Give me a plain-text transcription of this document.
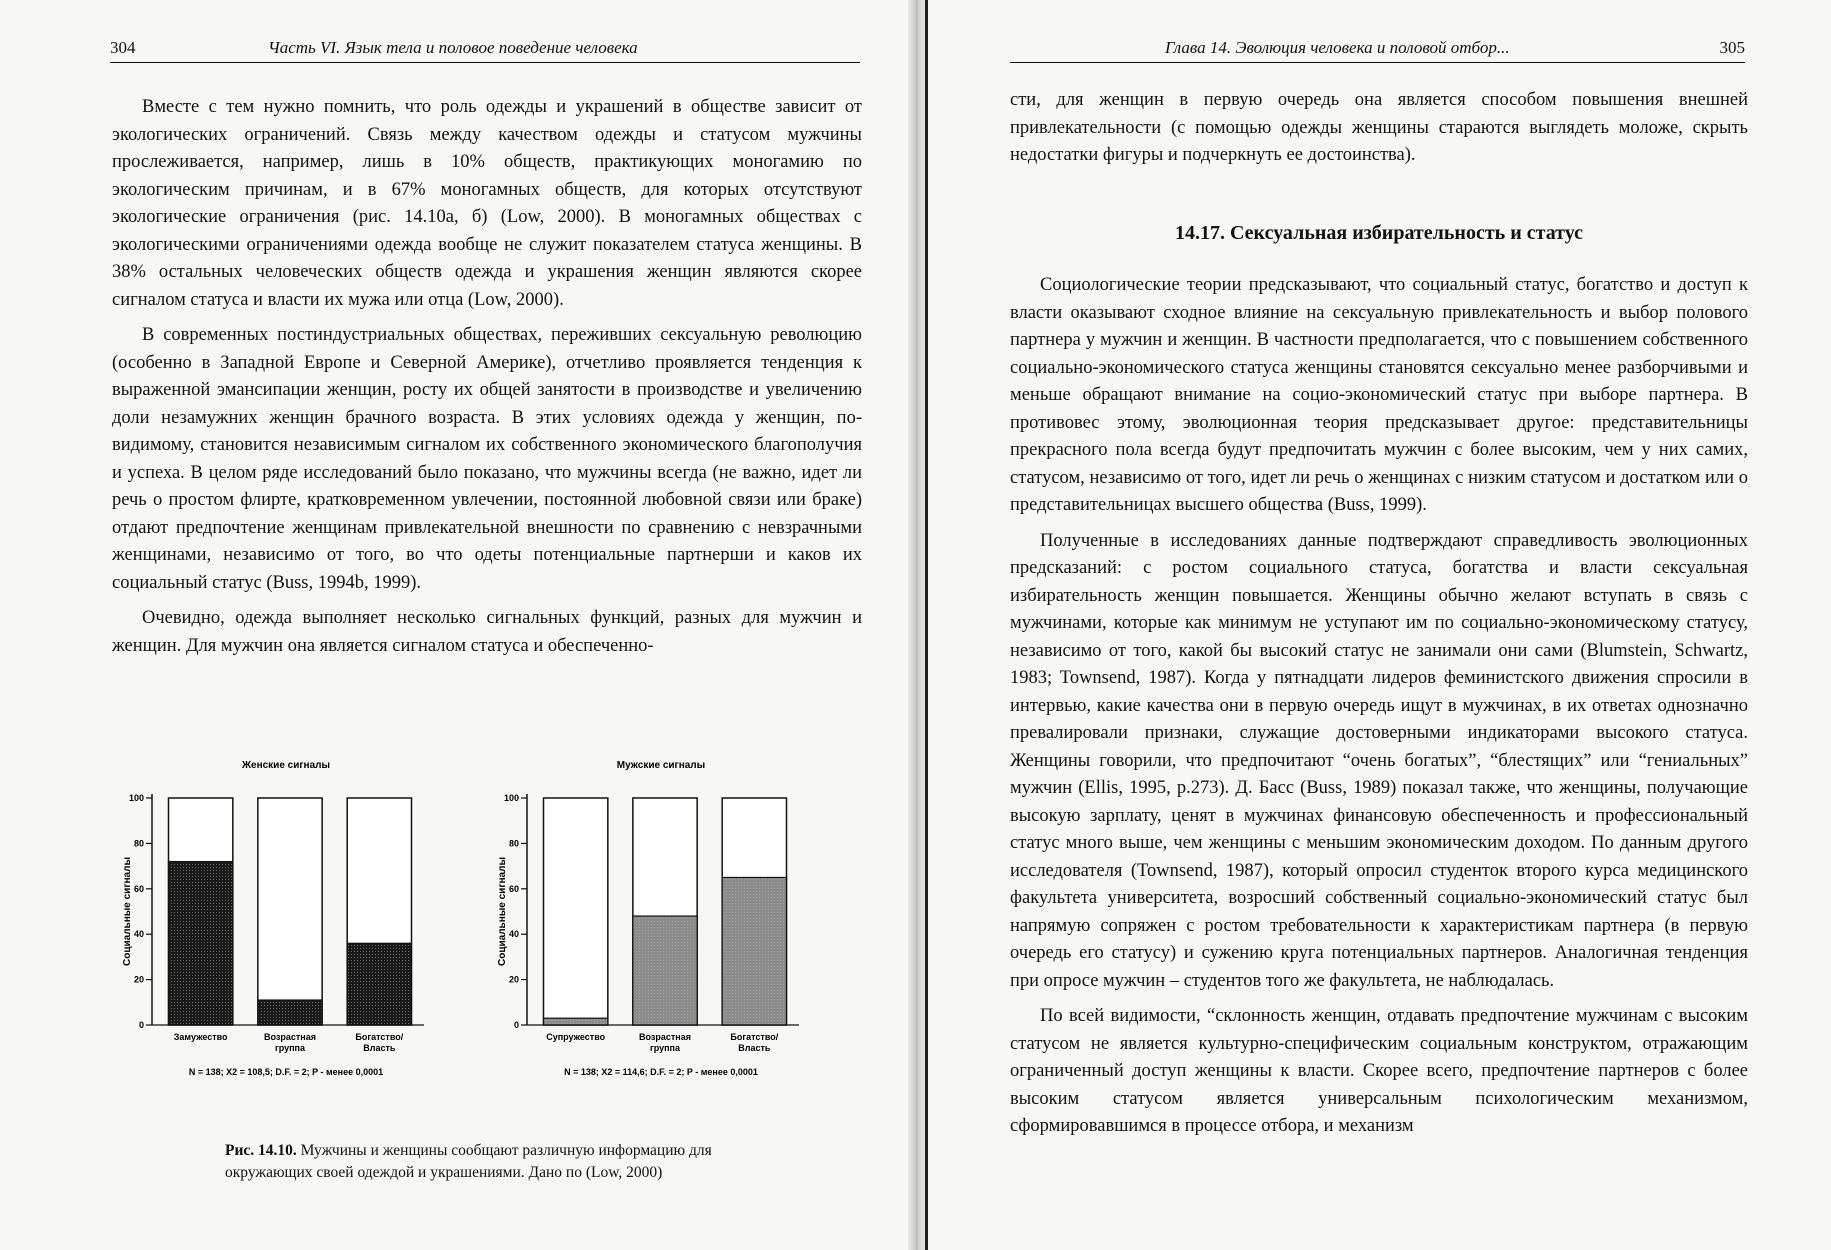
304	Часть VI. Язык тела и половое поведение человека

Вместе с тем нужно помнить, что роль одежды и украшений в обществе зависит от экологических ограничений. Связь между качеством одежды и статусом мужчины прослеживается, например, лишь в 10% обществ, практикующих моногамию по экологическим причинам, и в 67% моногамных обществ, для которых отсутствуют экологические ограничения (рис. 14.10а, б) (Low, 2000). В моногамных обществах с экологическими ограничениями одежда вообще не служит показателем статуса женщины. В 38% остальных человеческих обществ одежда и украшения женщин являются скорее сигналом статуса и власти их мужа или отца (Low, 2000).

В современных постиндустриальных обществах, переживших сексуальную революцию (особенно в Западной Европе и Северной Америке), отчетливо проявляется тенденция к выраженной эмансипации женщин, росту их общей занятости в производстве и увеличению доли незамужних женщин брачного возраста. В этих условиях одежда у женщин, по-видимому, становится независимым сигналом их собственного экономического благополучия и успеха. В целом ряде исследований было показано, что мужчины всегда (не важно, идет ли речь о простом флирте, кратковременном увлечении, постоянной любовной связи или браке) отдают предпочтение женщинам привлекательной внешности по сравнению с невзрачными женщинами, независимо от того, во что одеты потенциальные партнерши и каков их социальный статус (Buss, 1994b, 1999).

Очевидно, одежда выполняет несколько сигнальных функций, разных для мужчин и женщин. Для мужчин она является сигналом статуса и обеспеченно-

Женские сигналы
Социальные сигналы
0
20
40
60
80
100
Замужество	Возрастная группа
Богатство/ Власть
N = 138; X2 = 108,5; D.F. = 2; P - менее 0,0001
Мужские сигналы
Социальные сигналы
0
20
40
60
80
100
Супружество	Возрастная группа
Богатство/ Власть
N = 138; X2 = 114,6; D.F. = 2; P - менее 0,0001
Рис. 14.10. Мужчины и женщины сообщают различную информацию для окружающих своей одеждой и украшениями. Дано по (Low, 2000)
Глава 14. Эволюция человека и половой отбор...	305

сти, для женщин в первую очередь она является способом повышения внешней привлекательности (с помощью одежды женщины стараются выглядеть моложе, скрыть недостатки фигуры и подчеркнуть ее достоинства).

14.17. Сексуальная избирательность и статус

Социологические теории предсказывают, что социальный статус, богатство и доступ к власти оказывают сходное влияние на сексуальную привлекательность и выбор полового партнера у мужчин и женщин. В частности предполагается, что с повышением собственного социально-экономического статуса женщины становятся сексуально менее разборчивыми и меньше обращают внимание на социо-экономический статус при выборе партнера. В противовес этому, эволюционная теория предсказывает другое: представительницы прекрасного пола всегда будут предпочитать мужчин с более высоким, чем у них самих, статусом, независимо от того, идет ли речь о женщинах с низким статусом и достатком или о представительницах высшего общества (Buss, 1999).

Полученные в исследованиях данные подтверждают справедливость эволюционных предсказаний: с ростом социального статуса, богатства и власти сексуальная избирательность женщин повышается. Женщины обычно желают вступать в связь с мужчинами, которые как минимум не уступают им по социально-экономическому статусу, независимо от того, какой бы высокий статус не занимали они сами (Blumstein, Schwartz, 1983; Townsend, 1987). Когда у пятнадцати лидеров феминистского движения спросили в интервью, какие качества они в первую очередь ищут в мужчинах, в их ответах однозначно превалировали признаки, служащие достоверными индикаторами высокого статуса. Женщины говорили, что предпочитают “очень богатых”, “блестящих” или “гениальных” мужчин (Ellis, 1995, p.273). Д. Басс (Buss, 1989) показал также, что женщины, получающие высокую зарплату, ценят в мужчинах финансовую обеспеченность и профессиональный статус много выше, чем женщины с меньшим экономическим доходом. По данным другого исследователя (Townsend, 1987), который опросил студенток второго курса медицинского факультета университета, возросший собственный социально-экономический статус был напрямую сопряжен с ростом требовательности к характеристикам партнера (в первую очередь его статусу) и сужению круга потенциальных партнеров. Аналогичная тенденция при опросе мужчин – студентов того же факультета, не наблюдалась.

По всей видимости, “склонность женщин, отдавать предпочтение мужчинам с высоким статусом не является культурно-специфическим социальным конструктом, отражающим ограниченный доступ женщины к власти. Скорее всего, предпочтение партнеров с более высоким статусом является универсальным психологическим механизмом, сформировавшимся в процессе отбора, и механизм
